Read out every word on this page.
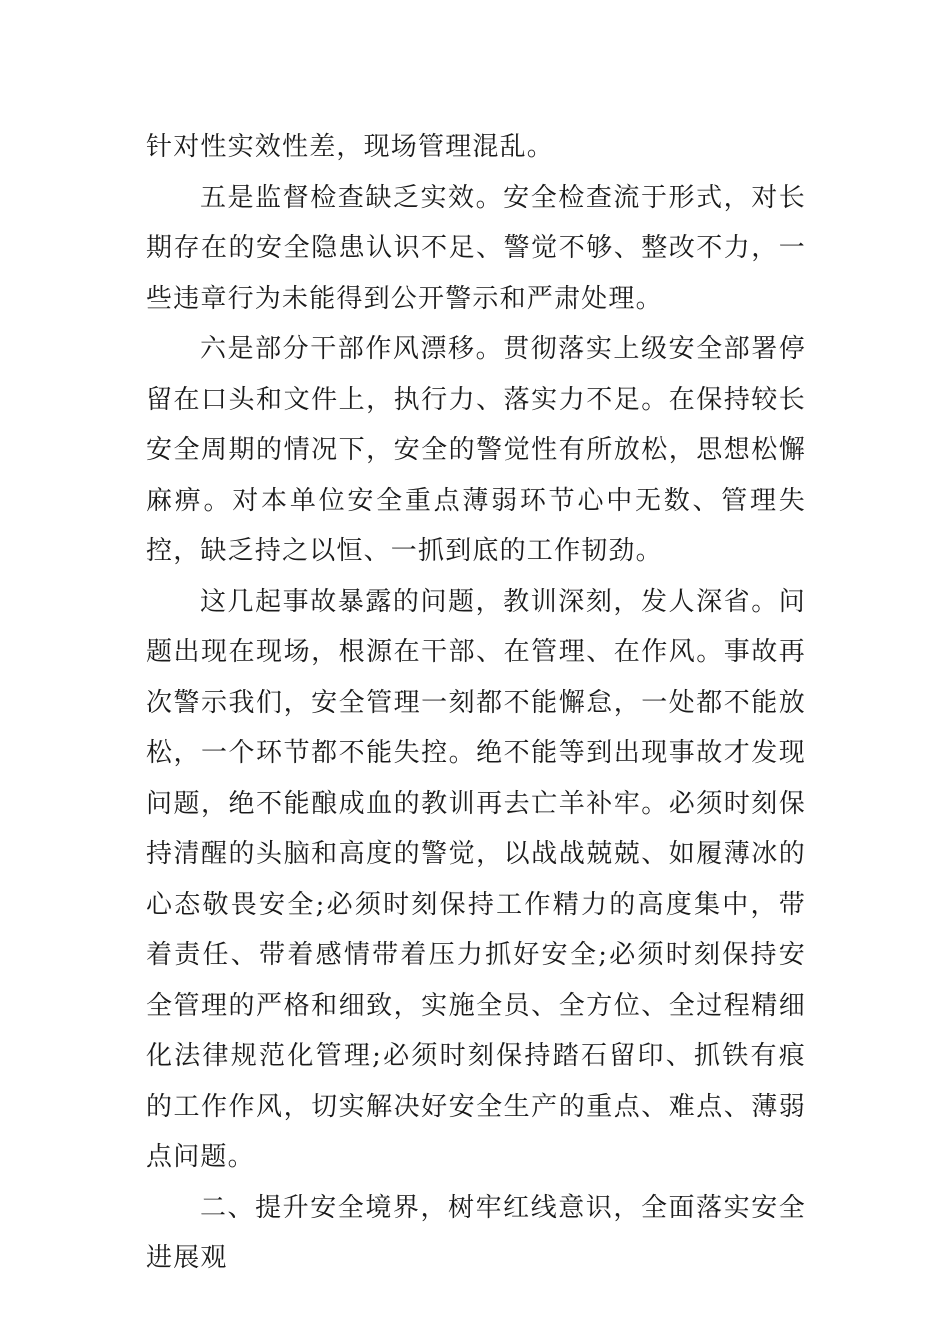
针对性实效性差，现场管理混乱。

五是监督检查缺乏实效。安全检查流于形式，对长期存在的安全隐患认识不足、警觉不够、整改不力，一些违章行为未能得到公开警示和严肃处理。

六是部分干部作风漂移。贯彻落实上级安全部署停留在口头和文件上，执行力、落实力不足。在保持较长安全周期的情况下，安全的警觉性有所放松，思想松懈麻痹。对本单位安全重点薄弱环节心中无数、管理失控，缺乏持之以恒、一抓到底的工作韧劲。

这几起事故暴露的问题，教训深刻，发人深省。问题出现在现场，根源在干部、在管理、在作风。事故再次警示我们，安全管理一刻都不能懈怠，一处都不能放松，一个环节都不能失控。绝不能等到出现事故才发现问题，绝不能酿成血的教训再去亡羊补牢。必须时刻保持清醒的头脑和高度的警觉，以战战兢兢、如履薄冰的心态敬畏安全;必须时刻保持工作精力的高度集中，带着责任、带着感情带着压力抓好安全;必须时刻保持安全管理的严格和细致，实施全员、全方位、全过程精细化法律规范化管理;必须时刻保持踏石留印、抓铁有痕的工作作风，切实解决好安全生产的重点、难点、薄弱点问题。

二、提升安全境界，树牢红线意识，全面落实安全进展观
